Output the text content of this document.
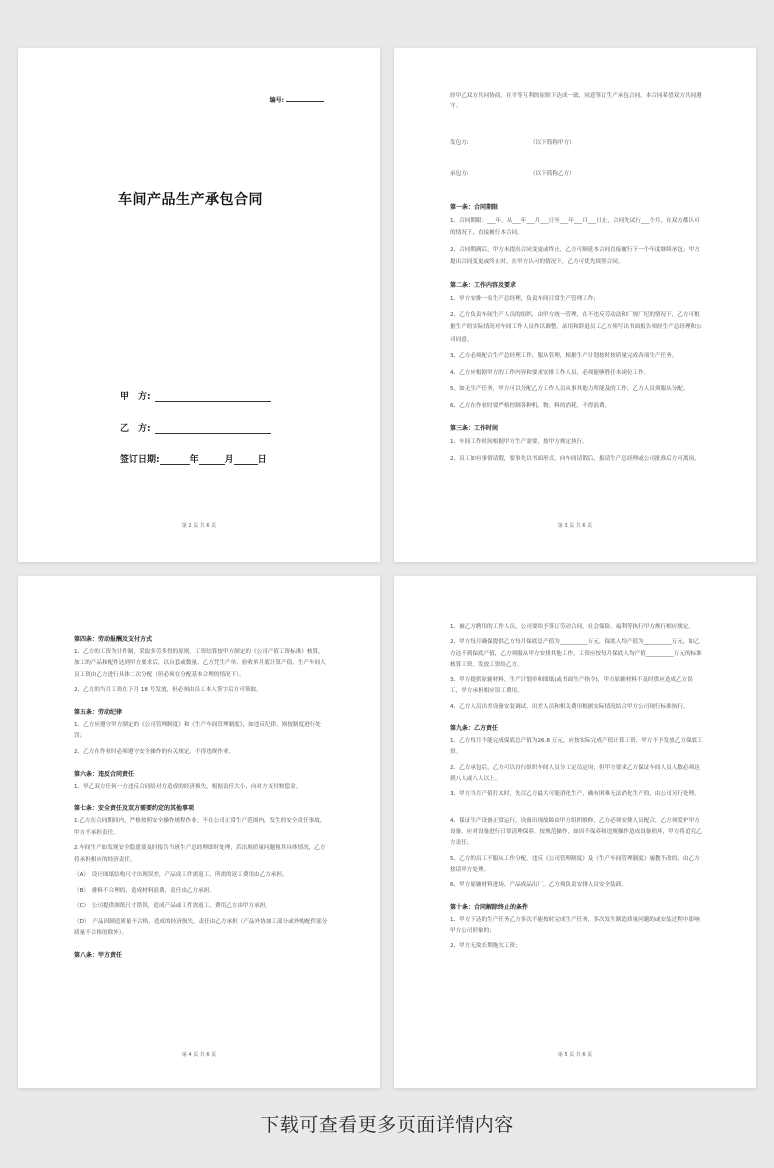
编号:
车间产品生产承包合同
甲　方:
乙　方:
签订日期:	年	月	日
第 2 页 共 6 页
经甲乙双方共同协商，在平等互利的原则下达成一致，同意签订生产承包合同，本合同希望双方共同遵守。
发包方:	（以下简称甲方）
承包方:	（以下简称乙方）
第一条：合同期限
1、合同期限：___年，从___年___月___日至___年___月___日止，合同先试行___个月，在双方都认可的情况下，直接履行本合同。
2、合同期满后，甲方未提出合同变更或终止，乙方可顺延本合同直接履行下一个年度继续承包；甲方提出合同变更或终止时，在甲方认可的情况下，乙方可优先续签合同。
第二条：工作内容及要求
1、甲方安排一名生产总经理，负责车间日常生产管理工作；
2、乙方负责车间生产人员的组织，由甲方统一管理，在不违反劳动法和厂规厂纪的情况下，乙方可根据生产的实际情况对车间工作人员作以调整，录用和辞退员工乙方须写出书面报告须经生产总经理和公司同意。
3、乙方必须配合生产总经理工作，服从管理，根据生产计划按时按质量完成各项生产任务。
4、乙方应根据甲方的工作内容和要求安排工作人员，必须能够胜任本岗位工作。
5、如无生产任务，甲方可以分配乙方工作人员从事其他力所能及的工作，乙方人员须服从分配。
6、乙方在作业时要严格控制各种机、物、料的消耗，不得浪费。
第三条：工作时间
1、车间工作时间根据甲方生产需要，按甲方规定执行。
2、员工如有事情请假，要事先以书面形式，向车间请假后，报请生产总经理或公司批准后方可离岗。
第 3 页 共 6 页
第四条：劳动报酬及支付方式
1、乙方的工资为计件制，采取多劳多得的原则，工资结算按甲方制定的《公司产值工资标准》核算。加工的产品和配件达到甲方要求后，以台套或数量、乙方凭生产单、验收单月底计算产值，生产车间人员工资由乙方进行具体二次分配（但必须在分配基本合理的情况下）。
2、乙方的当月工资在下月 18 号发放，但必须由员工本人签字后方可领取。
第五条：劳动纪律
1、乙方应遵守甲方制定的《公司管理制度》和《生产车间管理制度》，如违反纪律，则按制度进行处罚；
2、乙方在作业时必须遵守安全操作的有关规定，不得违规作业。
第六条：违反合同责任
1、甲乙双方任何一方违反合同给对方造成的经济损失，根据责任大小，向对方支付赔偿金。
第七条：安全责任及双方需要约定的其他事项
1.乙方在合同期间内，严格按照安全操作规程作业；不在公司正常生产范围内，发生的安全责任事故，甲方不承担责任。
2.车间生产如发现安全隐患要及时报告当班生产总经理即时处理，若出现质量问题视其具体情况，乙方将承担相应的经济责任。
（A）　设计图纸结构尺寸出现误差，产品成工件需返工，所需的返工费用由乙方承担。
（B）　排料不合理的，造成材料浪费，责任由乙方承担。
（C）　公司提供图纸尺寸错误，造成产品或工件需返工，费用乙方由甲方承担。
（D）　产品因制造质量不合格，造成的经济损失，责任由乙方承担（产品外协加工部分或外购配件部分质量不合格的除外）。
第八条：甲方责任
第 4 页 共 6 页
1、被乙方聘用的工作人员，公司要给予签订劳动合同，社会保险、福利等执行甲方规行相应规定。
2、甲方每月确保提供乙方每月保底总产值为__________万元，保底人均产值为__________万元，如乙方达不到保底产值，乙方须服从甲方安排其他工作，工资应按每月保底人均产值__________万元的标准核算工资，发放工资给乙方。
3、甲方提供原辅材料，生产计划单和图纸(或书面生产指令)，甲方原辅材料不及时供应造成乙方误工，甲方承担相应误工费用。
4、乙方人员出差设备安装调试，出差人员和相关费用根据实际情况结合甲方公司现行标准执行。
第九条：乙方责任
1、乙方每月不能完成保底总产值为26.8 万元，应按实际完成产值计算工资，甲方不予发放乙方保底工资。
2、乙方承包后，乙方可以自行组织车间人员分工定员定岗；但甲方要求乙方保证车间人员人数必须达到八人或八人以上。
3、甲方当月产值打太时，先尽乙方最大可能消化生产，确有困难无法消化生产的，由公司另行处理。
4、保证生产设备正常运行，设备出现故障由甲方组织维修，乙方必须安排人员配合，乙方须爱护甲方设备，应对设备进行日常清理保养，按规范操作，如因不保养和违规操作造成设备损坏，甲方将追究乙方责任。
5、乙方的员工不服从工作分配，违反《公司管理制度》及《生产车间管理制度》屡教不改的，由乙方按请甲方处理。
6、甲方原辅材料进场、产品成品出厂，乙方须负责安排人员安全装卸。
第十条：合同解除终止的条件
1、甲方下达的生产任务乙方多次不能按时完成生产任务，多次发生制造质量问题的或安装过程中影响甲方公司形象的；
2、甲方无故长期拖欠工资；
第 5 页 共 6 页
下载可查看更多页面详情内容
